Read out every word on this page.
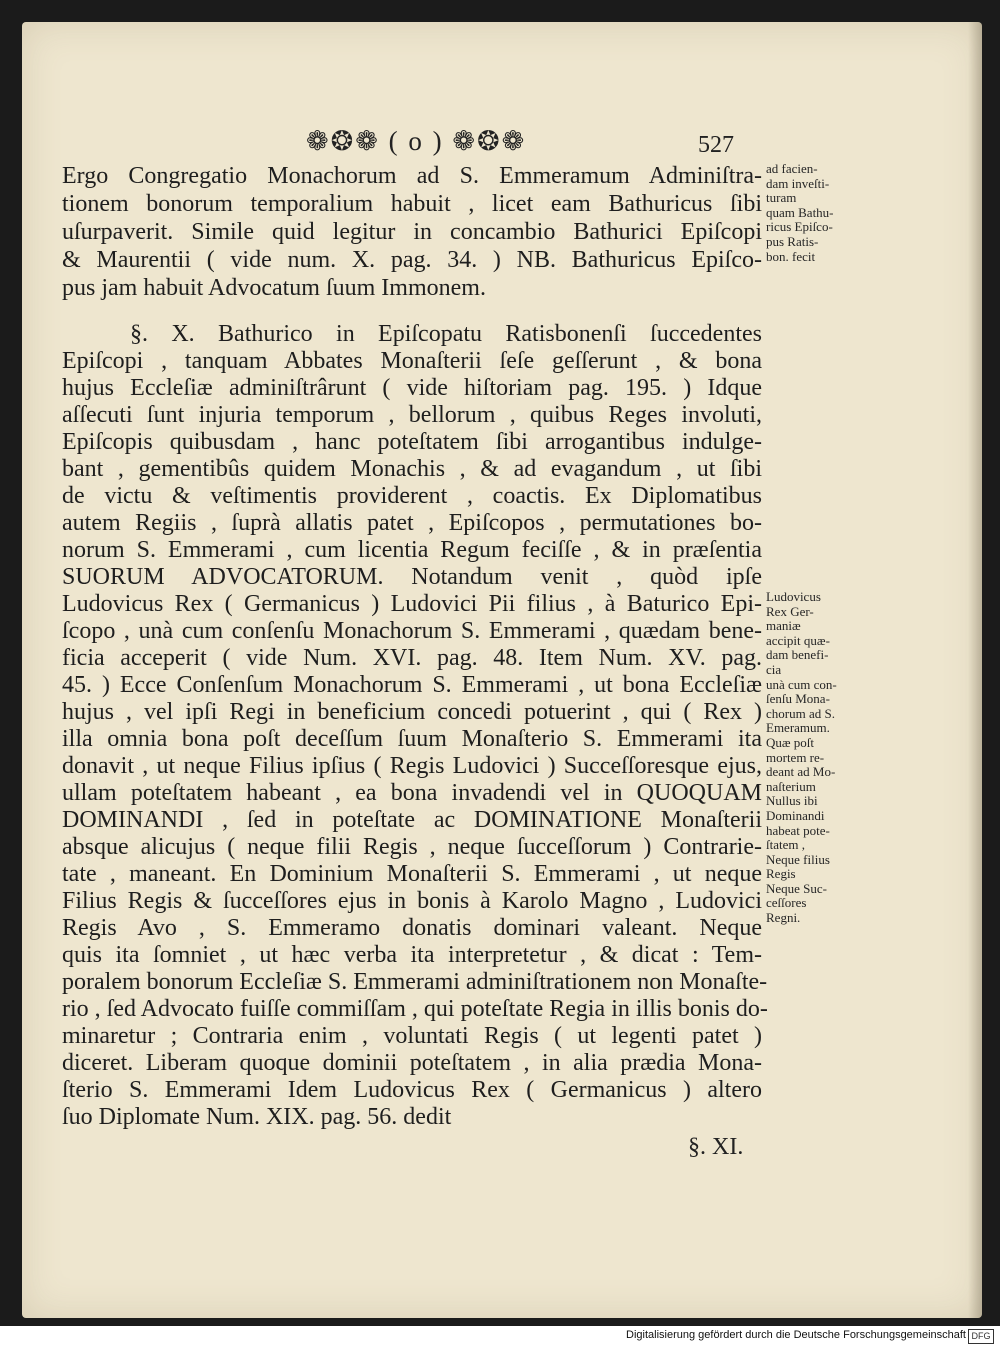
❁❂❁ ( o ) ❁❂❁	527
Ergo Congregatio Monachorum ad S. Emmeramum Adminiſtra-
tionem bonorum temporalium habuit , licet eam Bathuricus ſibi
uſurpaverit. Simile quid legitur in concambio Bathurici Epiſcopi
& Maurentii ( vide num. X. pag. 34. ) NB. Bathuricus Epiſco-
pus jam habuit Advocatum ſuum Immonem.
§. X. Bathurico in Epiſcopatu Ratisbonenſi ſuccedentes
Epiſcopi , tanquam Abbates Monaſterii ſeſe geſſerunt , & bona
hujus Eccleſiæ adminiſtrârunt ( vide hiſtoriam pag. 195. ) Idque
aſſecuti ſunt injuria temporum , bellorum , quibus Reges involuti,
Epiſcopis quibusdam , hanc poteſtatem ſibi arrogantibus indulge-
bant , gementibûs quidem Monachis , & ad evagandum , ut ſibi
de victu & veſtimentis providerent , coactis. Ex Diplomatibus
autem Regiis , ſuprà allatis patet , Epiſcopos , permutationes bo-
norum S. Emmerami , cum licentia Regum feciſſe , & in præſentia
SUORUM ADVOCATORUM. Notandum venit , quòd ipſe
Ludovicus Rex ( Germanicus ) Ludovici Pii filius , à Baturico Epi-
ſcopo , unà cum conſenſu Monachorum S. Emmerami , quædam bene-
ficia acceperit ( vide Num. XVI. pag. 48. Item Num. XV. pag.
45. ) Ecce Conſenſum Monachorum S. Emmerami , ut bona Eccleſiæ
hujus , vel ipſi Regi in beneficium concedi potuerint , qui ( Rex )
illa omnia bona poſt deceſſum ſuum Monaſterio S. Emmerami ita
donavit , ut neque Filius ipſius ( Regis Ludovici ) Succeſſoresque ejus,
ullam poteſtatem habeant , ea bona invadendi vel in QUOQUAM
DOMINANDI , ſed in poteſtate ac DOMINATIONE Monaſterii
absque alicujus ( neque filii Regis , neque ſucceſſorum ) Contrarie-
tate , maneant. En Dominium Monaſterii S. Emmerami , ut neque
Filius Regis & ſucceſſores ejus in bonis à Karolo Magno , Ludovici
Regis Avo , S. Emmeramo donatis dominari valeant. Neque
quis ita ſomniet , ut hæc verba ita interpretetur , & dicat : Tem-
poralem bonorum Eccleſiæ S. Emmerami adminiſtrationem non Monaſte-
rio , ſed Advocato fuiſſe commiſſam , qui poteſtate Regia in illis bonis do-
minaretur ; Contraria enim , voluntati Regis ( ut legenti patet )
diceret. Liberam quoque dominii poteſtatem , in alia prædia Mona-
ſterio S. Emmerami Idem Ludovicus Rex ( Germanicus ) altero
ſuo Diplomate Num. XIX. pag. 56. dedit
ad facien-
dam inveſti-
turam
quam Bathu-
ricus Epiſco-
pus Ratis-
bon. fecit
Ludovicus
Rex Ger-
maniæ
accipit quæ-
dam benefi-
cia
unà cum con-
ſenſu Mona-
chorum ad S.
Emeramum.
Quæ poſt
mortem re-
deant ad Mo-
naſterium
Nullus ibi
Dominandi
habeat pote-
ſtatem ,
Neque filius
Regis
Neque Suc-
ceſſores
Regni.
§. XI.
Digitalisierung gefördert durch die Deutsche Forschungsgemeinschaft DFG
